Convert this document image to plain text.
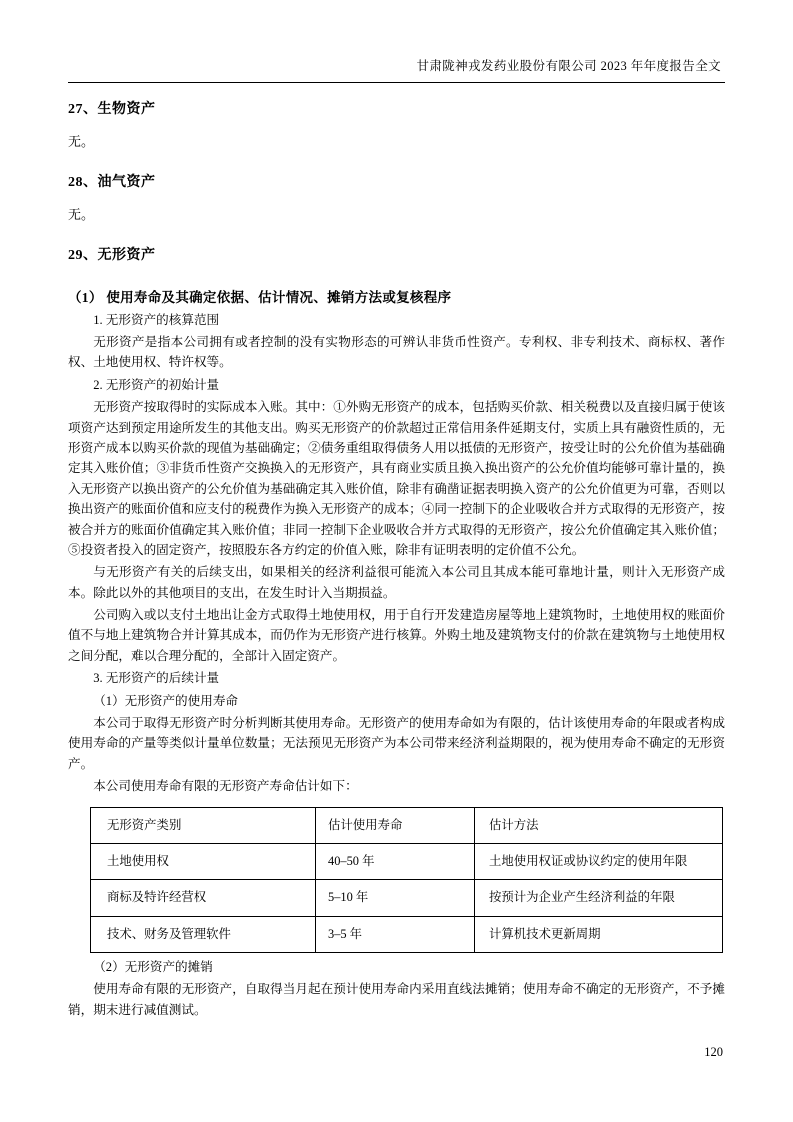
甘肃陇神戎发药业股份有限公司 2023 年年度报告全文
27、生物资产

无。

28、油气资产

无。

29、无形资产
（1） 使用寿命及其确定依据、估计情况、摊销方法或复核程序

1. 无形资产的核算范围

无形资产是指本公司拥有或者控制的没有实物形态的可辨认非货币性资产。专利权、非专利技术、商标权、著作权、土地使用权、特许权等。

2. 无形资产的初始计量

无形资产按取得时的实际成本入账。其中：①外购无形资产的成本，包括购买价款、相关税费以及直接归属于使该项资产达到预定用途所发生的其他支出。购买无形资产的价款超过正常信用条件延期支付，实质上具有融资性质的，无形资产成本以购买价款的现值为基础确定；②债务重组取得债务人用以抵债的无形资产，按受让时的公允价值为基础确定其入账价值；③非货币性资产交换换入的无形资产，具有商业实质且换入换出资产的公允价值均能够可靠计量的，换入无形资产以换出资产的公允价值为基础确定其入账价值，除非有确凿证据表明换入资产的公允价值更为可靠，否则以换出资产的账面价值和应支付的税费作为换入无形资产的成本；④同一控制下的企业吸收合并方式取得的无形资产，按被合并方的账面价值确定其入账价值；非同一控制下企业吸收合并方式取得的无形资产，按公允价值确定其入账价值；⑤投资者投入的固定资产，按照股东各方约定的价值入账，除非有证明表明的定价值不公允。

与无形资产有关的后续支出，如果相关的经济利益很可能流入本公司且其成本能可靠地计量，则计入无形资产成本。除此以外的其他项目的支出，在发生时计入当期损益。

公司购入或以支付土地出让金方式取得土地使用权，用于自行开发建造房屋等地上建筑物时，土地使用权的账面价值不与地上建筑物合并计算其成本，而仍作为无形资产进行核算。外购土地及建筑物支付的价款在建筑物与土地使用权之间分配，难以合理分配的，全部计入固定资产。

3. 无形资产的后续计量

（1）无形资产的使用寿命

本公司于取得无形资产时分析判断其使用寿命。无形资产的使用寿命如为有限的，估计该使用寿命的年限或者构成使用寿命的产量等类似计量单位数量；无法预见无形资产为本公司带来经济利益期限的，视为使用寿命不确定的无形资产。

本公司使用寿命有限的无形资产寿命估计如下：

无形资产类别	估计使用寿命	估计方法
土地使用权	40–50 年	土地使用权证或协议约定的使用年限
商标及特许经营权	5–10 年	按预计为企业产生经济利益的年限
技术、财务及管理软件	3–5 年	计算机技术更新周期

（2）无形资产的摊销

使用寿命有限的无形资产，自取得当月起在预计使用寿命内采用直线法摊销；使用寿命不确定的无形资产，不予摊销，期末进行减值测试。

120
